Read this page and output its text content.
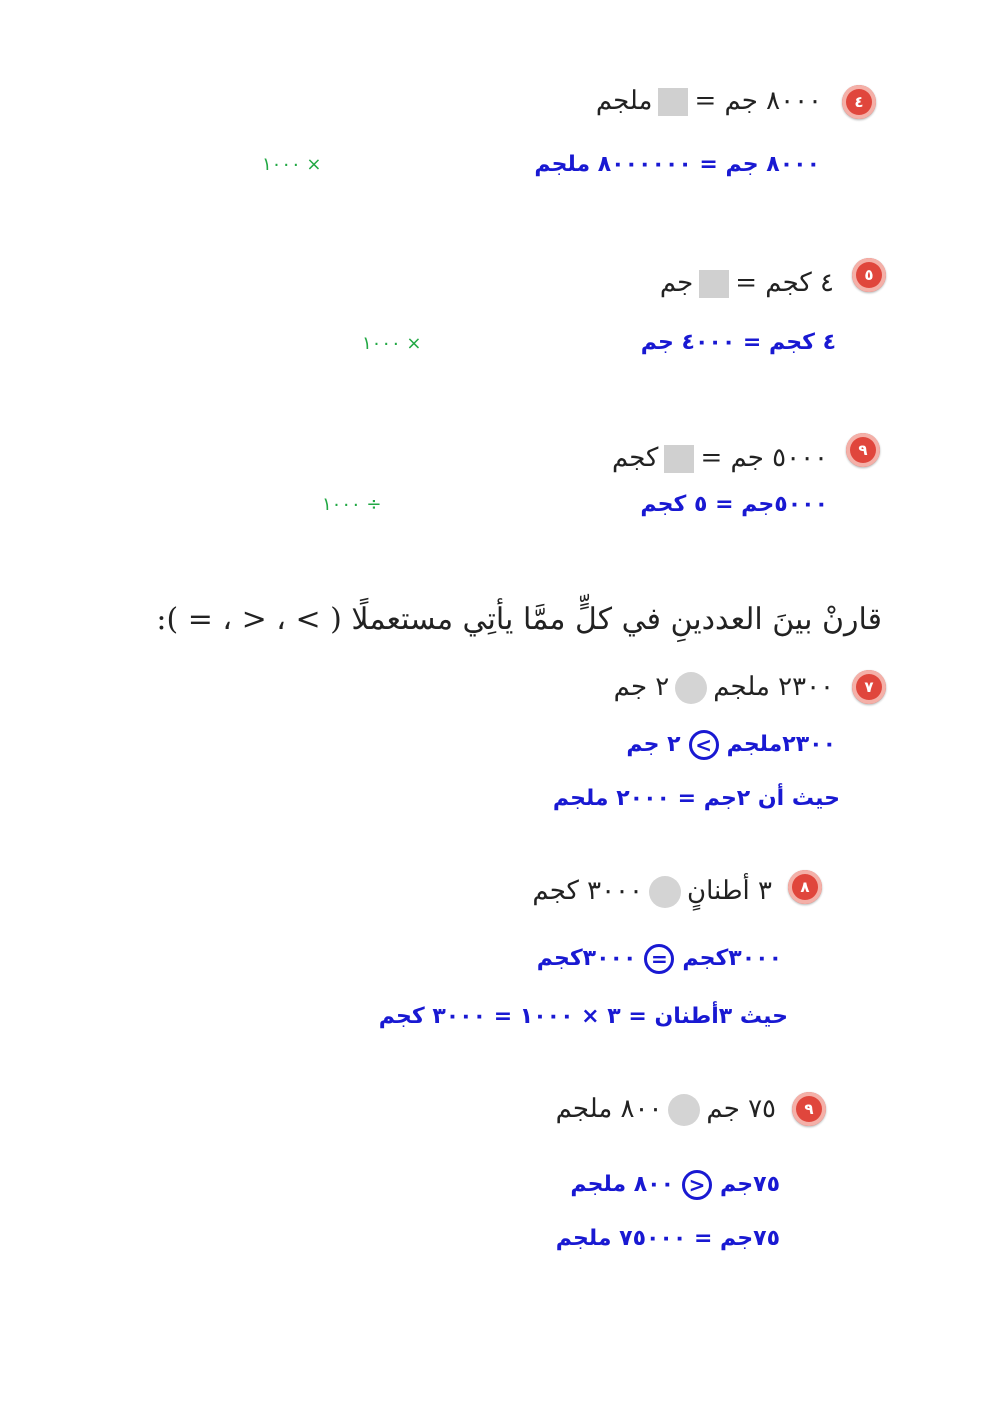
٤
٨٠٠٠ جم =ملجم
٨٠٠٠ جم = ٨٠٠٠٠٠٠ ملجم
× ١٠٠٠
٥
٤ كجم =جم
٤ كجم = ٤٠٠٠ جم
× ١٠٠٠
٩
٥٠٠٠ جم =كجم
٥٠٠٠جم = ٥ كجم
÷ ١٠٠٠
قارنْ بينَ العددينِ في كلٍّ ممَّا يأتِي مستعملًا ( > ، < ، = ):
٧
٢٣٠٠ ملجم٢ جم
٢٣٠٠ملجم>٢ جم
حيث أن ٢جم = ٢٠٠٠ ملجم
٨
٣ أطنانٍ٣٠٠٠ كجم
٣٠٠٠كجم=٣٠٠٠كجم
حيث ٣أطنان = ٣ × ١٠٠٠ = ٣٠٠٠ كجم
٩
٧٥ جم٨٠٠ ملجم
٧٥جم<٨٠٠ ملجم
٧٥جم = ٧٥٠٠٠ ملجم
